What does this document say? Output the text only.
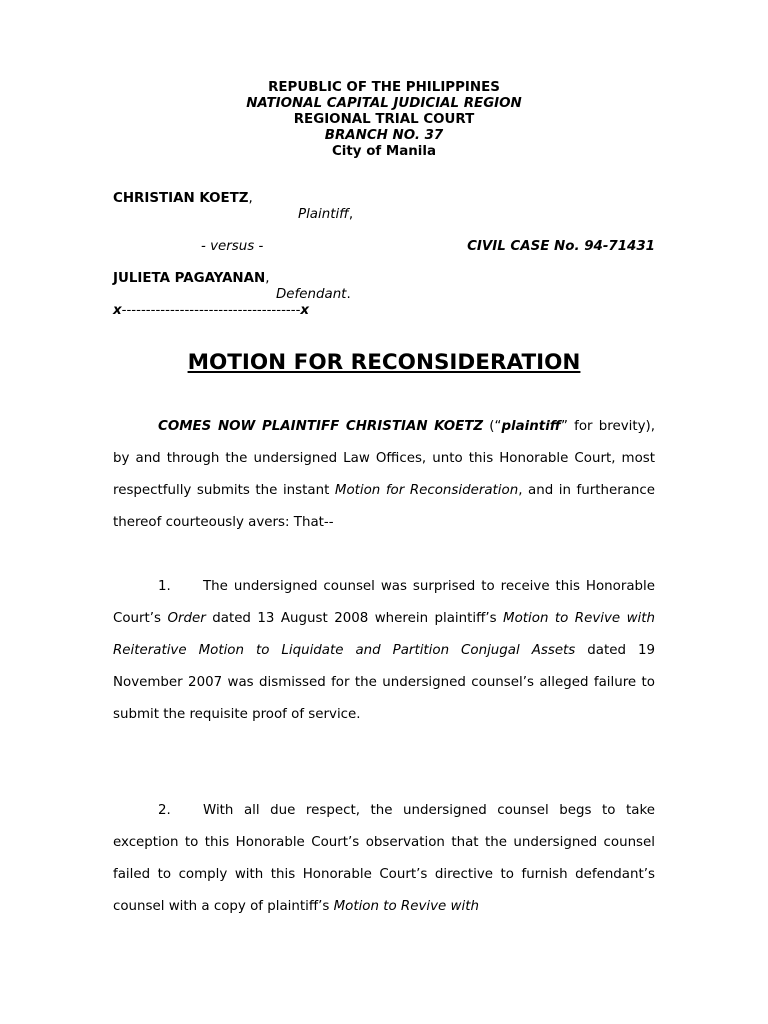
REPUBLIC OF THE PHILIPPINES
NATIONAL CAPITAL JUDICIAL REGION
REGIONAL TRIAL COURT
BRANCH NO. 37
City of Manila
CHRISTIAN KOETZ,
Plaintiff,
- versus -	CIVIL CASE No. 94-71431
JULIETA PAGAYANAN,
Defendant.
x-------------------------------------x
MOTION FOR RECONSIDERATION

COMES NOW PLAINTIFF CHRISTIAN KOETZ (“plaintiff” for brevity), by and through the undersigned Law Offices, unto this Honorable Court, most respectfully submits the instant Motion for Reconsideration, and in furtherance thereof courteously avers: That--

1. The undersigned counsel was surprised to receive this Honorable Court’s Order dated 13 August 2008 wherein plaintiff’s Motion to Revive with Reiterative Motion to Liquidate and Partition Conjugal Assets dated 19 November 2007 was dismissed for the undersigned counsel’s alleged failure to submit the requisite proof of service.

2. With all due respect, the undersigned counsel begs to take exception to this Honorable Court’s observation that the undersigned counsel failed to comply with this Honorable Court’s directive to furnish defendant’s counsel with a copy of plaintiff’s Motion to Revive with
